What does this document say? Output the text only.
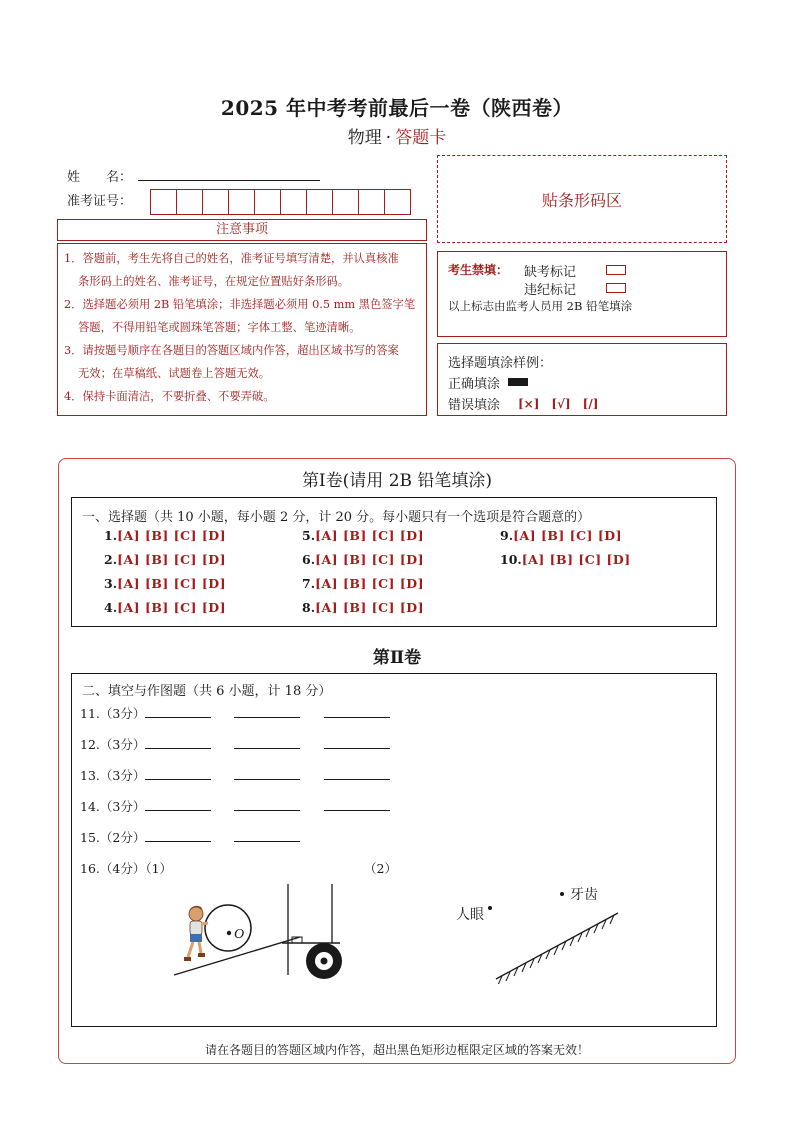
2025 年中考考前最后一卷（陕西卷）
物理 · 答题卡
姓　　名：
准考证号：	贴条形码区
注意事项
1．答题前，考生先将自己的姓名，准考证号填写清楚，并认真核准
条形码上的姓名、准考证号，在规定位置贴好条形码。
2．选择题必须用 2B 铅笔填涂；非选择题必须用 0.5 mm 黑色签字笔
答题，不得用铅笔或圆珠笔答题；字体工整、笔迹清晰。
3．请按题号顺序在各题目的答题区域内作答，超出区域书写的答案
无效；在草稿纸、试题卷上答题无效。
4．保持卡面清洁，不要折叠、不要弄破。
考生禁填： 缺考标记
违纪标记
以上标志由监考人员用 2B 铅笔填涂
选择题填涂样例：
正确填涂
错误填涂 [×]　[√]　[/]
第Ⅰ卷(请用 2B 铅笔填涂)
一、选择题（共 10 小题，每小题 2 分，计 20 分。每小题只有一个选项是符合题意的）
1.[A] [B] [C] [D]
2.[A] [B] [C] [D]
3.[A] [B] [C] [D]
4.[A] [B] [C] [D]
5.[A] [B] [C] [D]
6.[A] [B] [C] [D]
7.[A] [B] [C] [D]
8.[A] [B] [C] [D]
9.[A] [B] [C] [D]
10.[A] [B] [C] [D]
第Ⅱ卷
二、填空与作图题（共 6 小题，计 18 分）
11.（3分）
12.（3分）
13.（3分）
14.（3分）
15.（2分）
16.（4分）（1）	（2）
O
人眼
牙齿
请在各题目的答题区域内作答，超出黑色矩形边框限定区域的答案无效！
